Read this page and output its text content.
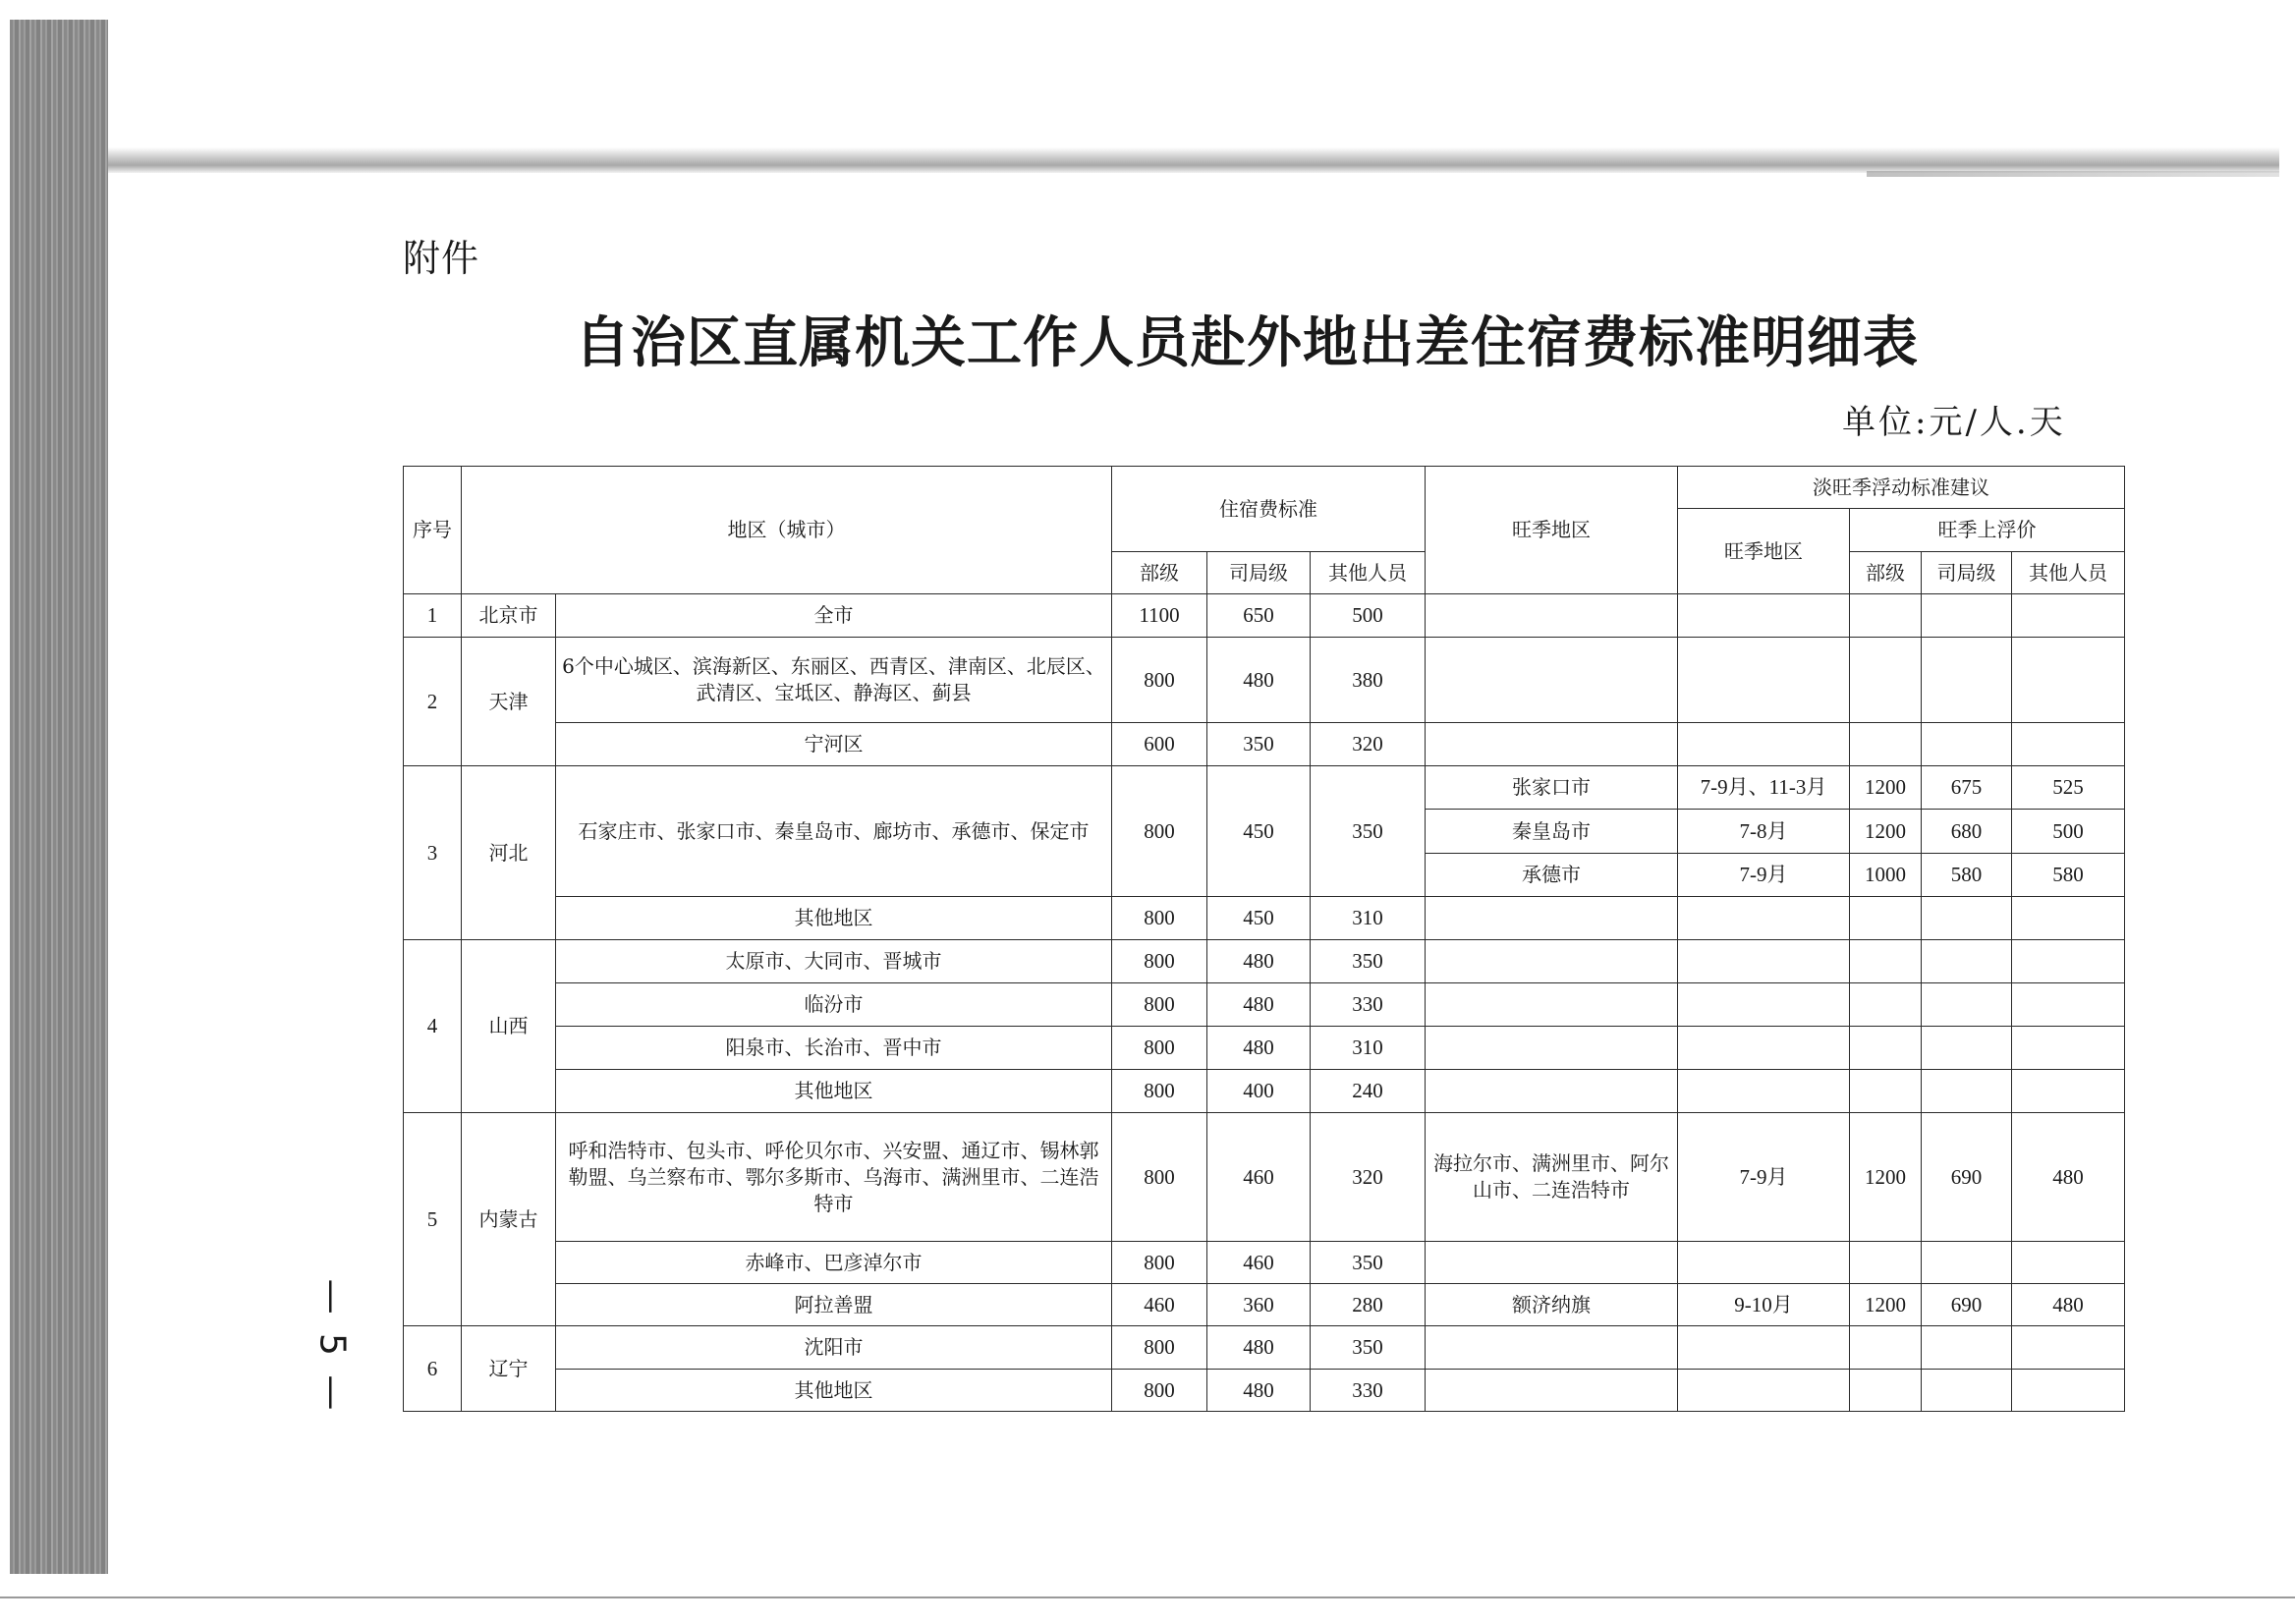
附件
自治区直属机关工作人员赴外地出差住宿费标准明细表
单位:元/人.天
— 5 —
序号	地区（城市）		住宿费标准			旺季地区	淡旺季浮动标准建议			
							旺季地区	旺季上浮价		
			部级	司局级	其他人员			部级	司局级	其他人员
1	北京市	全市	1100	650	500					
2	天津	6个中心城区、滨海新区、东丽区、西青区、津南区、北辰区、武清区、宝坻区、静海区、蓟县	800	480	380					
		宁河区	600	350	320					
3	河北	石家庄市、张家口市、秦皇岛市、廊坊市、承德市、保定市	800	450	350	张家口市	7-9月、11-3月	1200	675	525
						秦皇岛市	7-8月	1200	680	500
						承德市	7-9月	1000	580	580
		其他地区	800	450	310					
4	山西	太原市、大同市、晋城市	800	480	350					
		临汾市	800	480	330					
		阳泉市、长治市、晋中市	800	480	310					
		其他地区	800	400	240					
5	内蒙古	呼和浩特市、包头市、呼伦贝尔市、兴安盟、通辽市、锡林郭勒盟、乌兰察布市、鄂尔多斯市、乌海市、满洲里市、二连浩特市	800	460	320	海拉尔市、满洲里市、阿尔山市、二连浩特市	7-9月	1200	690	480
		赤峰市、巴彦淖尔市	800	460	350					
		阿拉善盟	460	360	280	额济纳旗	9-10月	1200	690	480
6	辽宁	沈阳市	800	480	350					
		其他地区	800	480	330					
